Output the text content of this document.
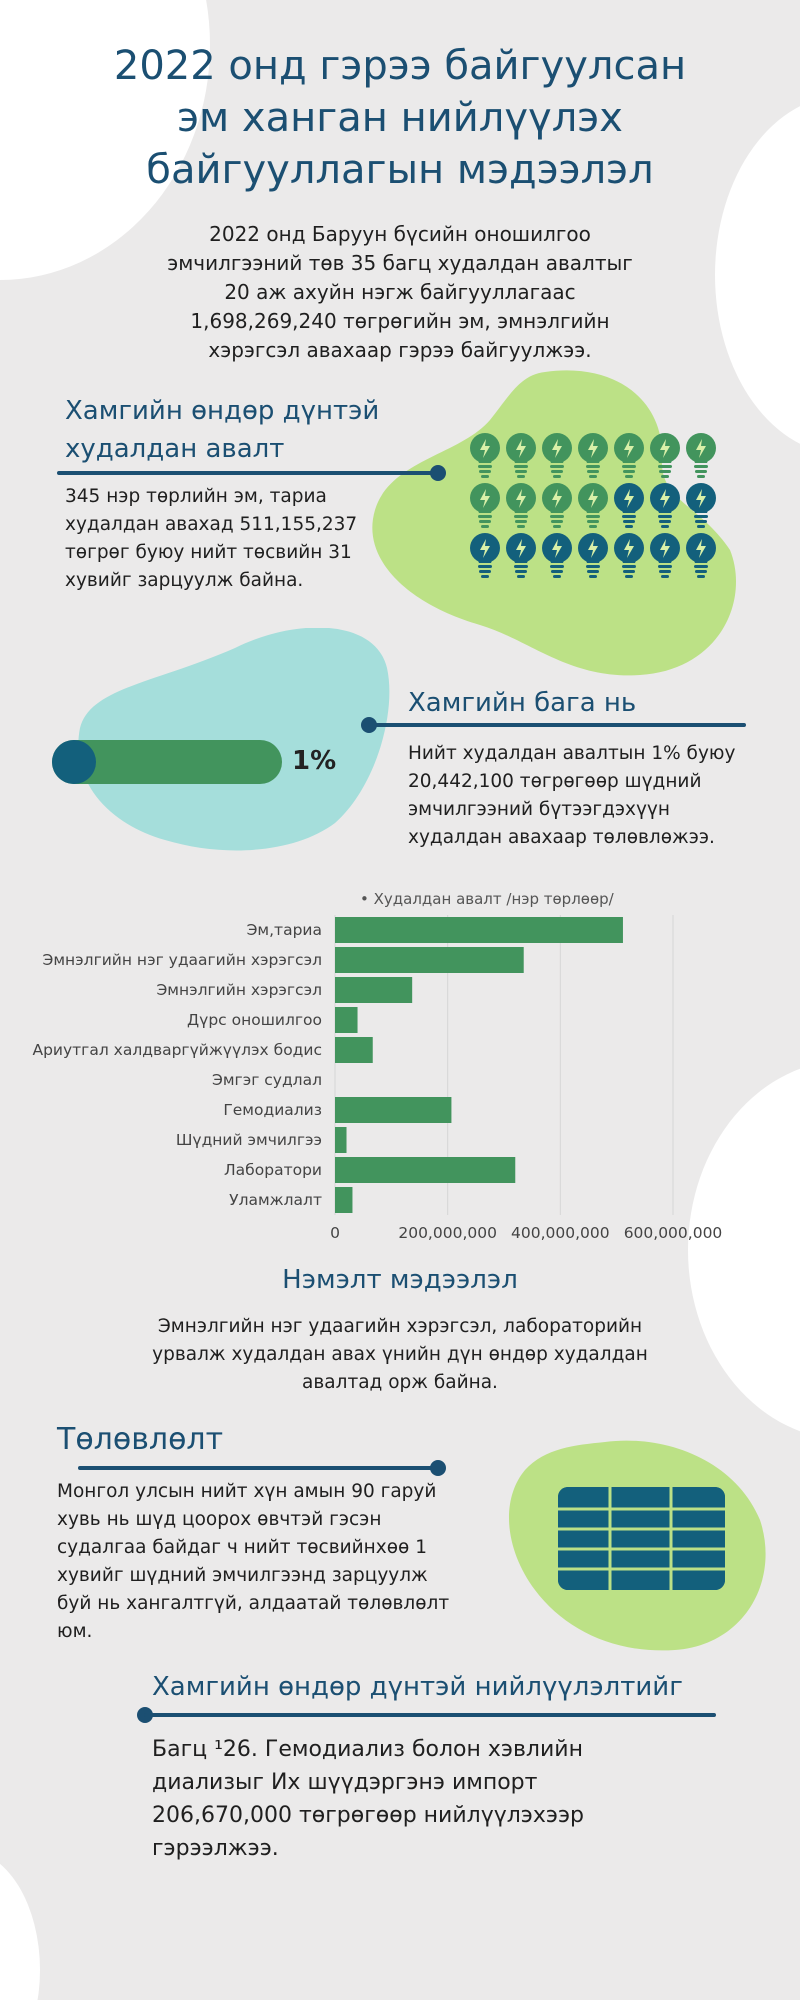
2022 онд гэрээ байгуулсан
эм ханган нийлүүлэх
байгууллагын мэдээлэл
2022 онд Баруун бүсийн оношилгоо
эмчилгээний төв 35 багц худалдан авалтыг
20 аж ахуйн нэгж байгууллагаас
1,698,269,240 төгрөгийн эм, эмнэлгийн
хэрэгсэл авахаар гэрээ байгуулжээ.
Хамгийн өндөр дүнтэй
худалдан авалт
345 нэр төрлийн эм, тариа
худалдан авахад 511,155,237
төгрөг буюу нийт төсвийн 31
хувийг зарцуулж байна.
1%
Хамгийн бага нь
Нийт худалдан авалтын 1% буюу
20,442,100 төгрөгөөр шүдний
эмчилгээний бүтээгдэхүүн
худалдан авахаар төлөвлөжээ.
• Худалдан авалт /нэр төрлөөр/
Эм,тариа
Эмнэлгийн нэг удаагийн хэрэгсэл
Эмнэлгийн хэрэгсэл
Дүрс оношилгоо
Ариутгал халдваргүйжүүлэх бодис
Эмгэг судлал
Гемодиализ
Шүдний эмчилгээ
Лаборатори
Уламжлалт
0	200,000,000 400,000,000 600,000,000
Нэмэлт мэдээлэл
Эмнэлгийн нэг удаагийн хэрэгсэл, лабораторийн
урвалж худалдан авах үнийн дүн өндөр худалдан
авалтад орж байна.
Төлөвлөлт
Монгол улсын нийт хүн амын 90 гаруй
хувь нь шүд цоорох өвчтэй гэсэн
судалгаа байдаг ч нийт төсвийнхөө 1
хувийг шүдний эмчилгээнд зарцуулж
буй нь хангалтгүй, алдаатай төлөвлөлт
юм.
Хамгийн өндөр дүнтэй нийлүүлэлтийг
Багц ¹26. Гемодиализ болон хэвлийн
диализыг Их шүүдэргэнэ импорт
206,670,000 төгрөгөөр нийлүүлэхээр
гэрээлжээ.
